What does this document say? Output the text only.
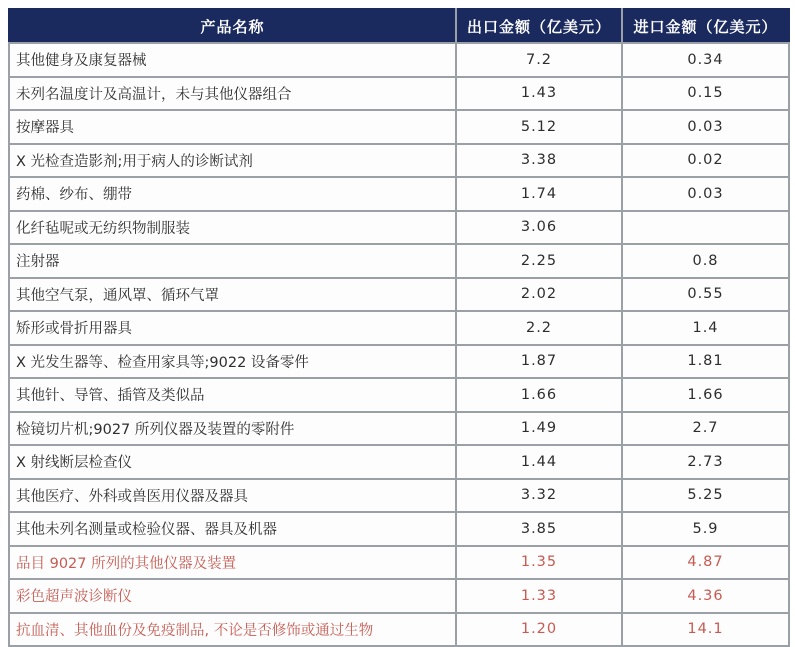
产品名称	出口金额（亿美元）	进口金额（亿美元）
其他健身及康复器械	7.2	0.34
未列名温度计及高温计，未与其他仪器组合	1.43	0.15
按摩器具	5.12	0.03
X 光检查造影剂;用于病人的诊断试剂	3.38	0.02
药棉、纱布、绷带	1.74	0.03
化纤毡呢或无纺织物制服装	3.06	
注射器	2.25	0.8
其他空气泵，通风罩、循环气罩	2.02	0.55
矫形或骨折用器具	2.2	1.4
X 光发生器等、检查用家具等;9022 设备零件	1.87	1.81
其他针、导管、插管及类似品	1.66	1.66
检镜切片机;9027 所列仪器及装置的零附件	1.49	2.7
X 射线断层检查仪	1.44	2.73
其他医疗、外科或兽医用仪器及器具	3.32	5.25
其他未列名测量或检验仪器、器具及机器	3.85	5.9
品目 9027 所列的其他仪器及装置	1.35	4.87
彩色超声波诊断仪	1.33	4.36
抗血清、其他血份及免疫制品, 不论是否修饰或通过生物	1.20	14.1
